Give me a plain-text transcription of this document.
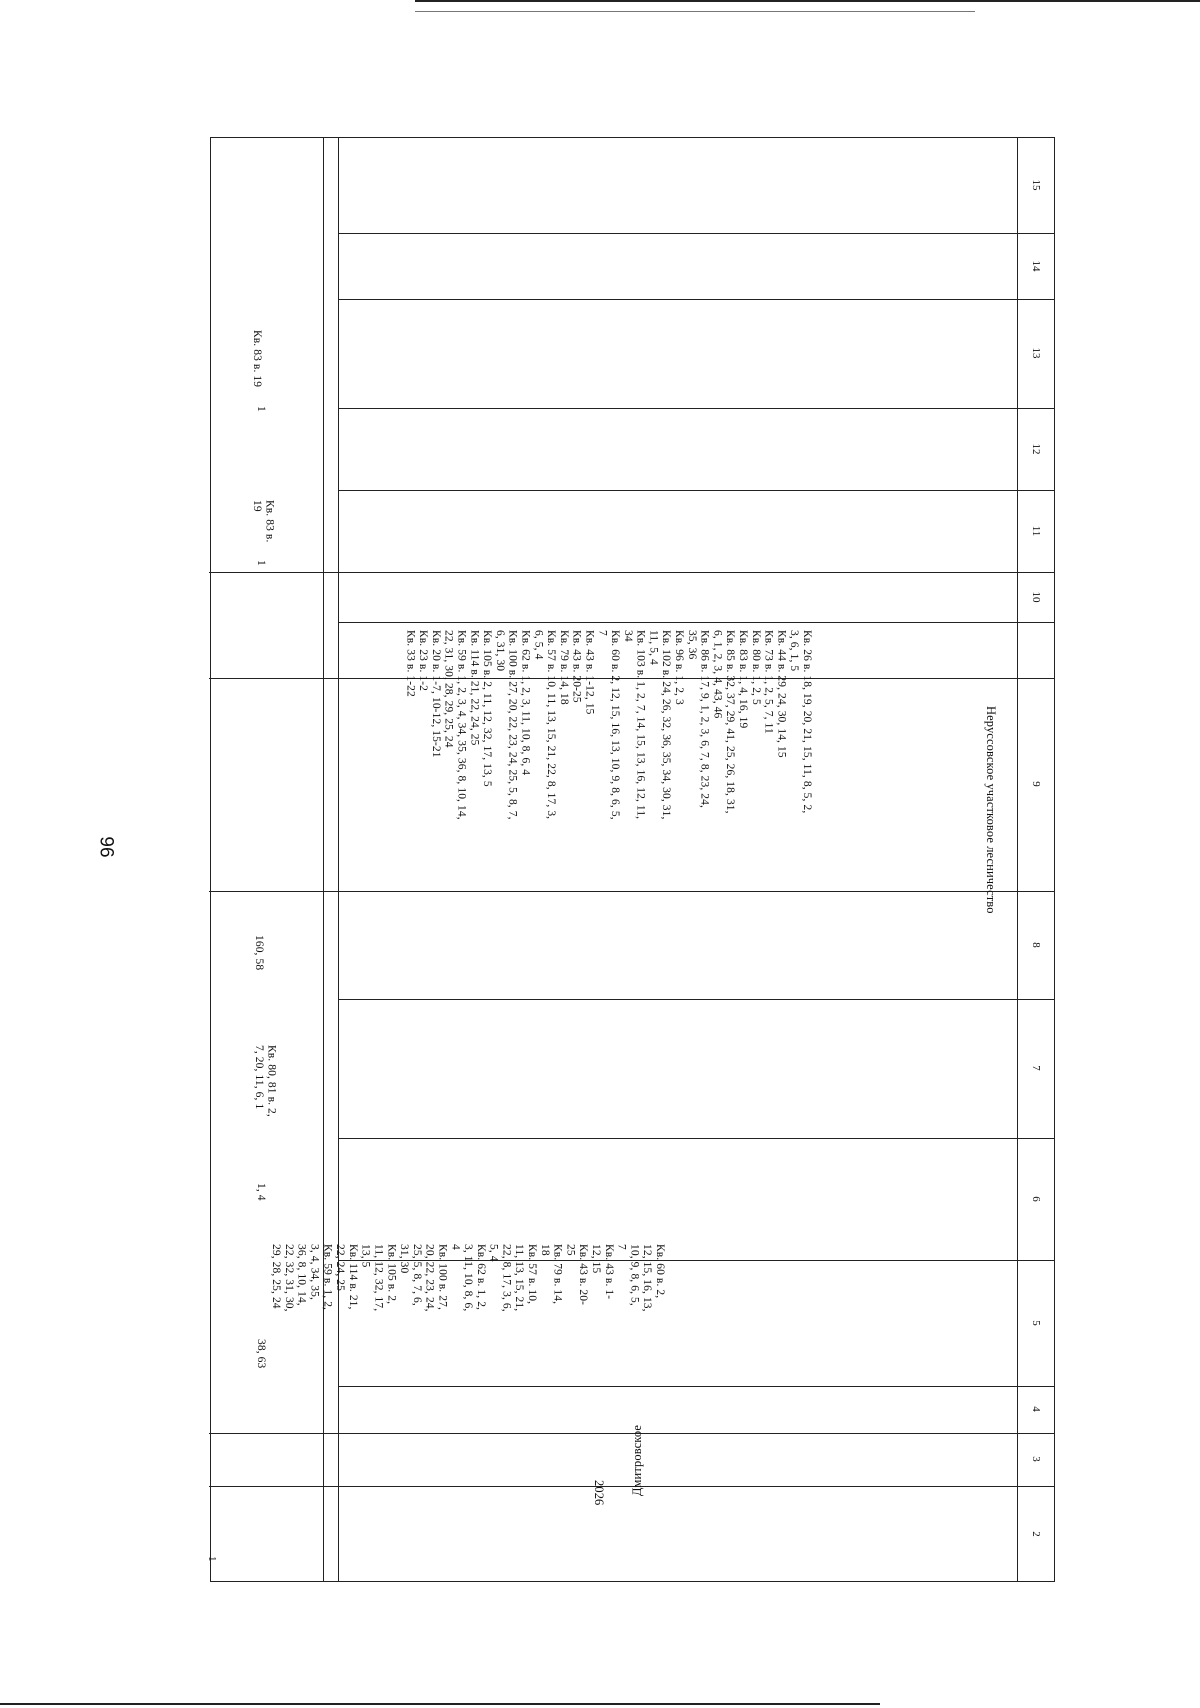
96
15
14
13
12
11
10
9
8
7
6
5
4
3
2
1
2026 Дмитровское
38, 63
Кв. 60 в. 2,
12, 15, 16, 13,
10, 9, 8, 6, 5,
7
Кв. 43 в. 1-
12, 15
Кв. 43 в. 20-
25
Кв. 79 в. 14,
18
Кв. 57 в. 10,
11, 13, 15, 21,
22, 8, 17, 3, 6,
5, 4
Кв. 62 в. 1, 2,
3, 11, 10, 8, 6,
4
Кв. 100 в. 27,
20, 22, 23, 24,
25, 5, 8, 7, 6,
31, 30
Кв. 105 в. 2,
11, 12, 32, 17,
13, 5
Кв. 114 в. 21,
22, 24, 25
Кв. 59 в. 1, 2,
3, 4, 34, 35,
36, 8, 10, 14,
22, 32, 31, 30,
29, 28, 25, 24
1, 4
Кв. 80, 81 в. 2,
7, 20, 11, 6, 1
160, 58
Кв. 26 в. 18, 19, 20, 21, 15, 11, 8, 5, 2,
3, 6, 1, 5
Кв. 44 в. 29, 24, 30, 14, 15
Кв. 73 в. 1, 2, 5, 7, 11
Кв. 80 в. 1, 2, 5
Кв. 83 в. 1, 4, 16, 19
Кв. 85 в. 32, 37, 29, 41, 25, 26, 18, 31,
6, 1, 2, 3, 4, 43, 46
Кв. 86 в. 17, 9, 1, 2, 3, 6, 7, 8, 23, 24,
35, 36
Кв. 96 в. 1, 2, 3
Кв. 102 в. 24, 26, 32, 36, 35, 34, 30, 31,
11, 5, 4
Кв. 103 в. 1, 2, 7, 14, 15, 13, 16, 12, 11,
34
Кв. 60 в. 2, 12, 15, 16, 13, 10, 9, 8, 6, 5,
7
Кв. 43 в. 1-12, 15
Кв. 43 в. 20-25
Кв. 79 в. 14, 18
Кв. 57 в. 10, 11, 13, 15, 21, 22, 8, 17, 3,
6, 5, 4
Кв. 62 в. 1, 2, 3, 11, 10, 8, 6, 4
Кв. 100 в. 27, 20, 22, 23, 24, 25, 5, 8, 7,
6, 31, 30
Кв. 105 в. 2, 11, 12, 32, 17, 13, 5
Кв. 114 в. 21, 22, 24, 25
Кв. 59 в. 1, 2, 3, 4, 34, 35, 36, 8, 10, 14,
22, 31, 30, 28, 29, 25, 24
Кв. 20 в. 1-7, 10-12, 15-21
Кв. 23 в. 1-2
Кв. 33 в. 1-22
1
Кв. 83 в.
19
1
Кв. 83 в. 19
Неруссовское участковое лесничество
